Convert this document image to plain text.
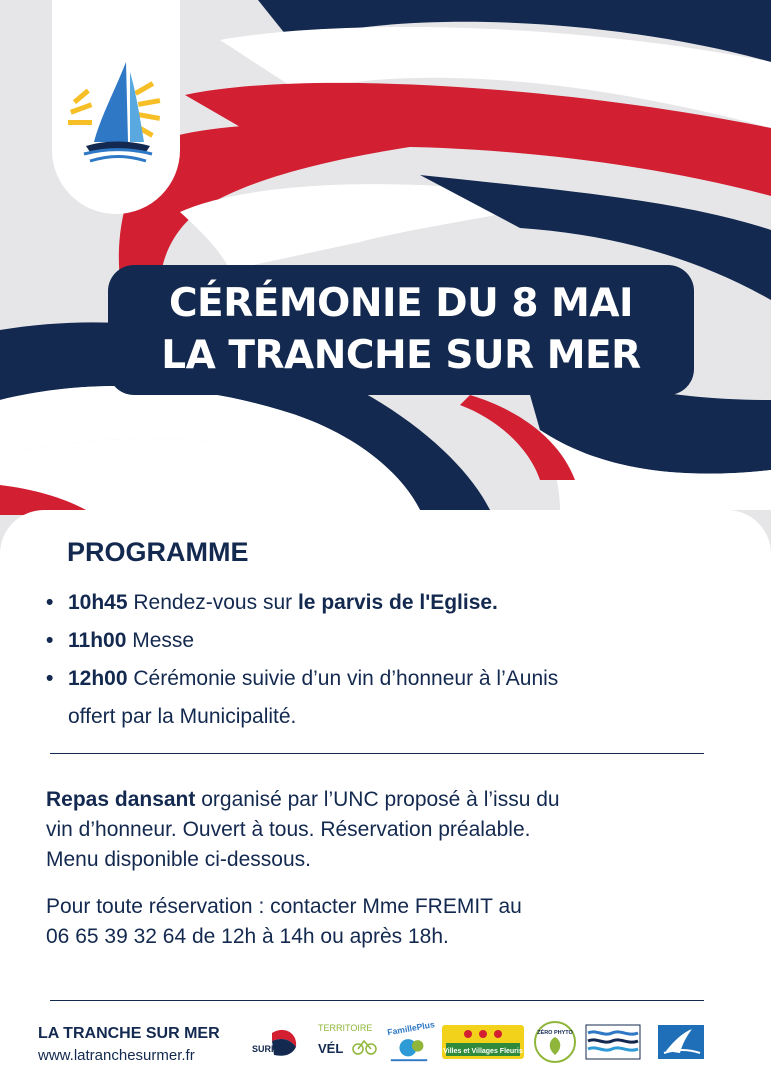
CÉRÉMONIE DU 8 MAI
LA TRANCHE SUR MER
PROGRAMME
• 10h45 Rendez-vous sur le parvis de l'Eglise.
• 11h00 Messe
• 12h00 Cérémonie suivie d’un vin d’honneur à l’Aunis
offert par la Municipalité.

Repas dansant organisé par l’UNC proposé à l’issu du
vin d’honneur. Ouvert à tous. Réservation préalable.
Menu disponible ci-dessous.

Pour toute réservation : contacter Mme FREMIT au
06 65 39 32 64 de 12h à 14h ou après 18h.

LA TRANCHE SUR MER
www.latranchesurmer.fr	SURF
TERRITOIRE
VÉL
FamillePlus
Villes et Villages Fleuris
ZÉRO PHYTO
